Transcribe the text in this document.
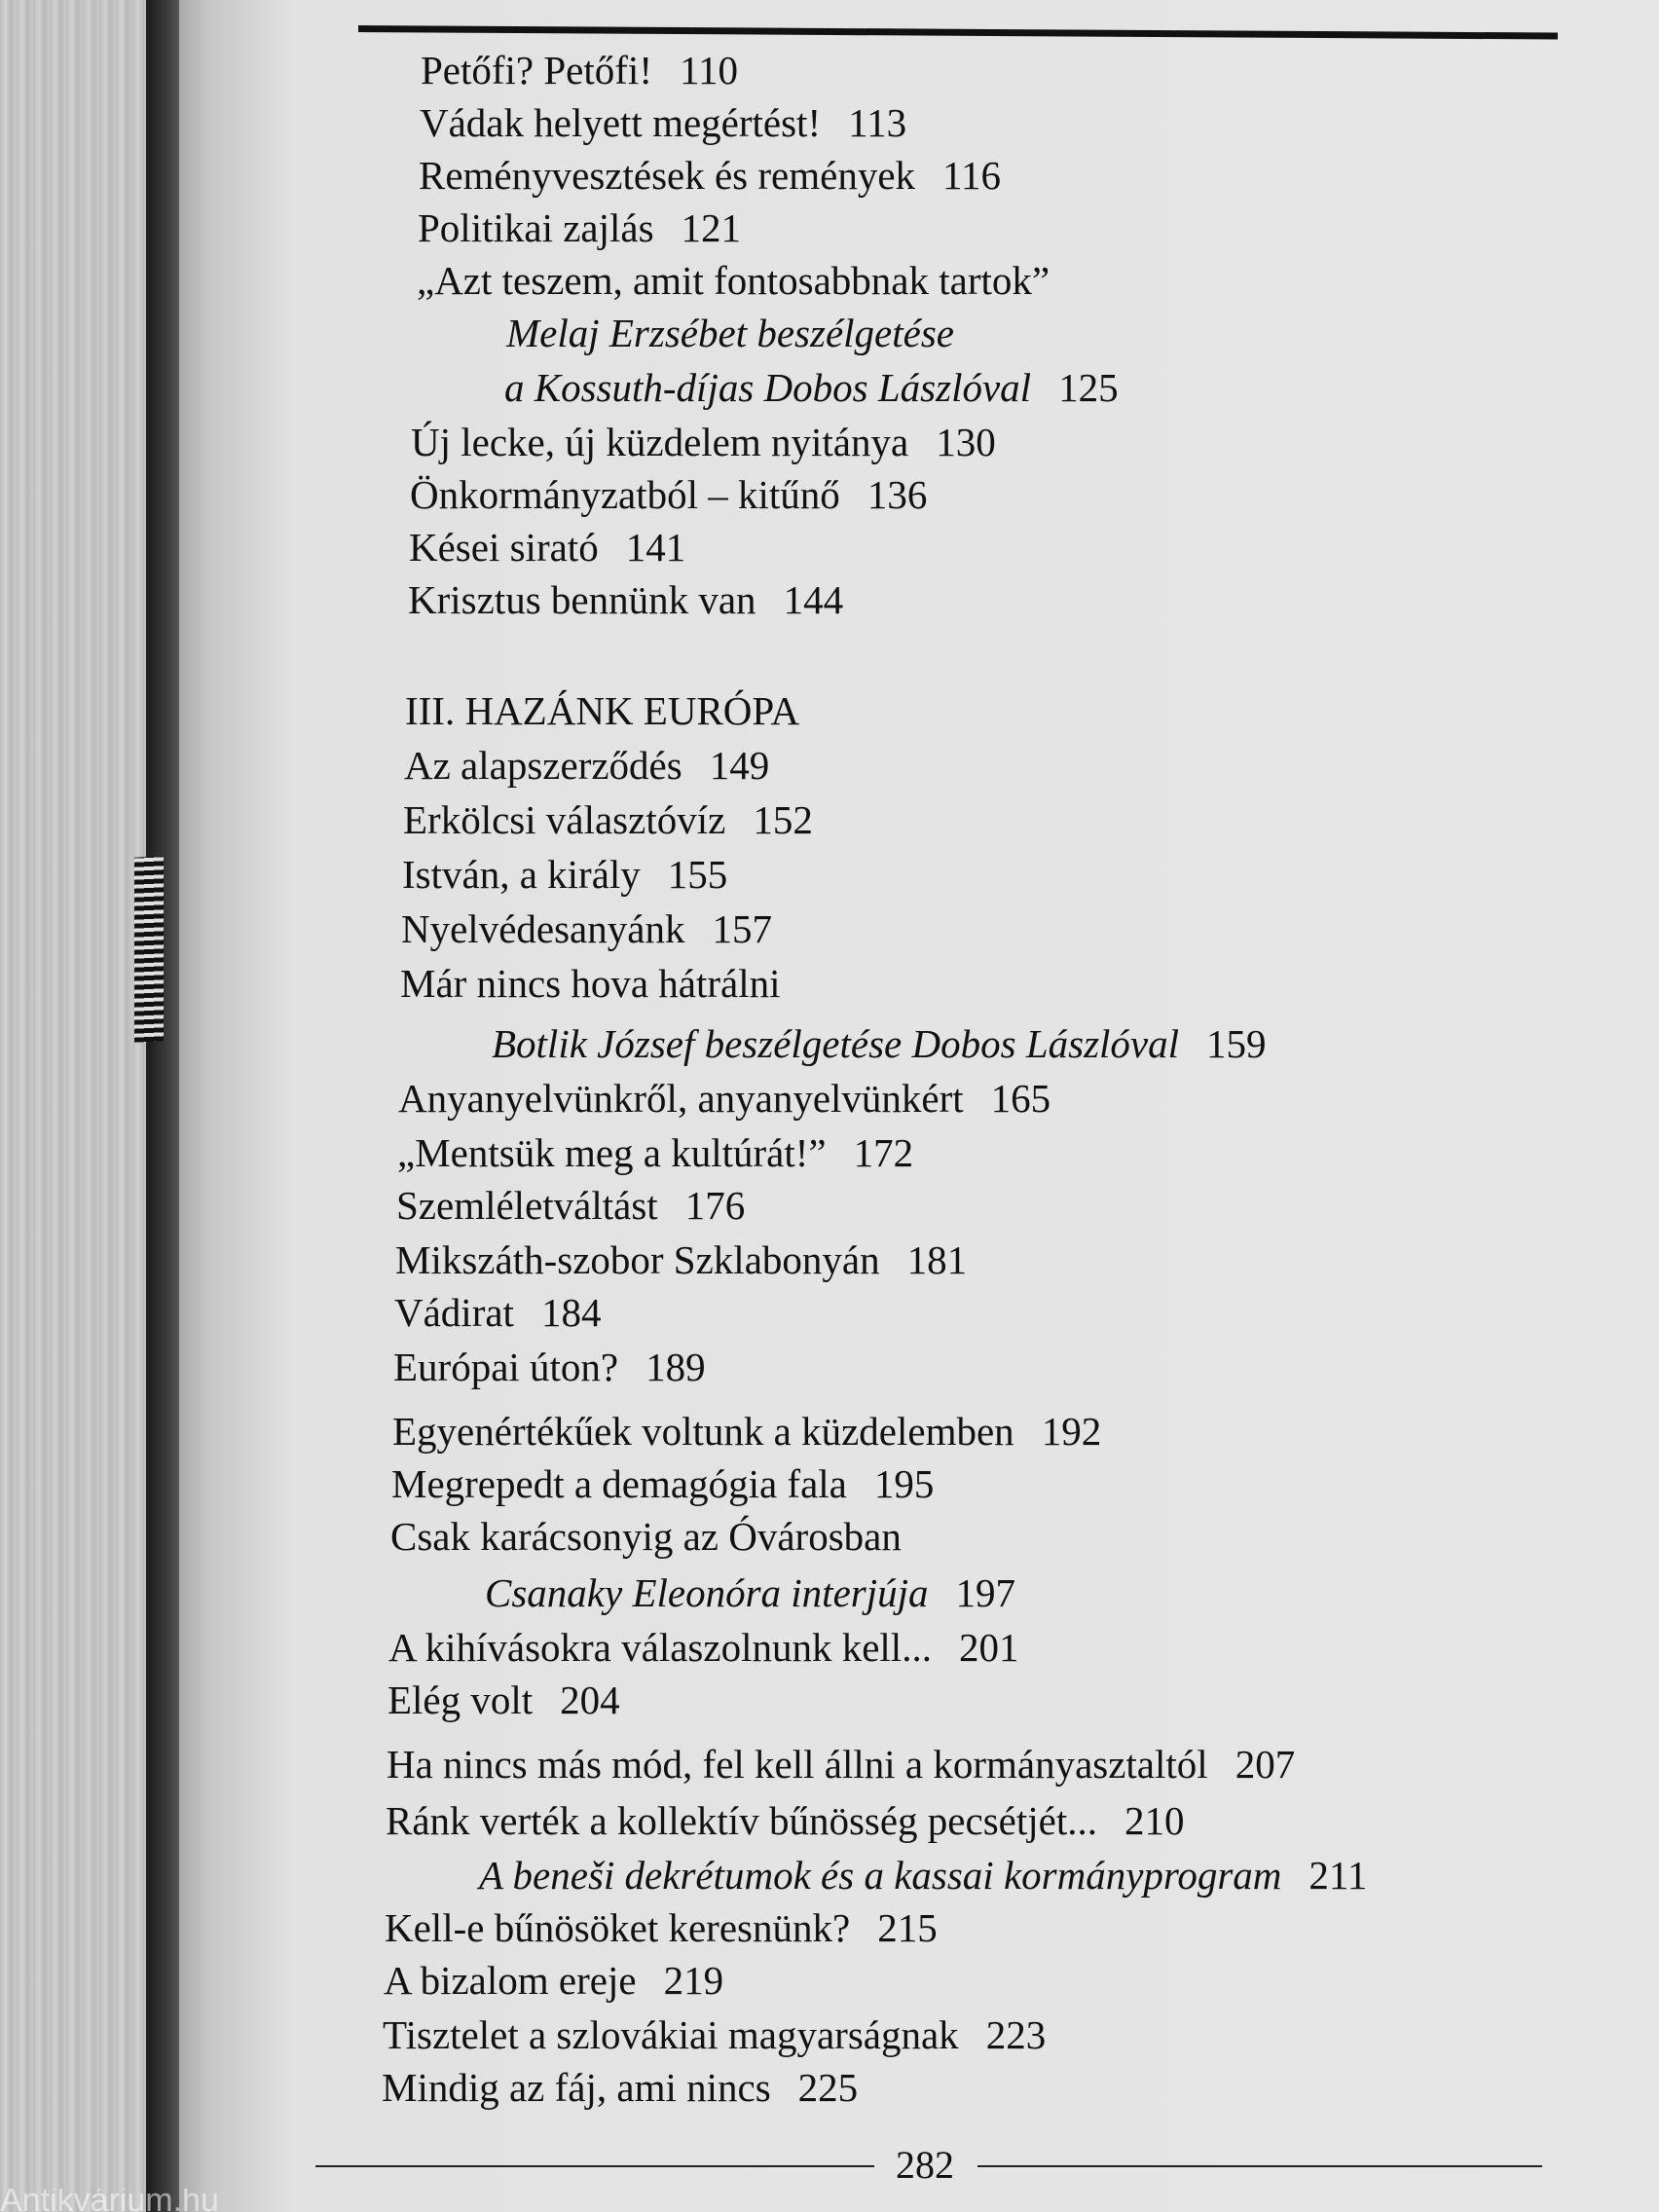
Petőfi? Petőfi! 110
Vádak helyett megértést! 113
Reményvesztések és remények 116
Politikai zajlás 121
„Azt teszem, amit fontosabbnak tartok”
Melaj Erzsébet beszélgetése
a Kossuth-díjas Dobos Lászlóval 125
Új lecke, új küzdelem nyitánya 130
Önkormányzatból – kitűnő 136
Kései sirató 141
Krisztus bennünk van 144
III. HAZÁNK EURÓPA
Az alapszerződés 149
Erkölcsi választóvíz 152
István, a király 155
Nyelvédesanyánk 157
Már nincs hova hátrálni
Botlik József beszélgetése Dobos Lászlóval 159
Anyanyelvünkről, anyanyelvünkért 165
„Mentsük meg a kultúrát!” 172
Szemléletváltást 176
Mikszáth-szobor Szklabonyán 181
Vádirat 184
Európai úton? 189
Egyenértékűek voltunk a küzdelemben 192
Megrepedt a demagógia fala 195
Csak karácsonyig az Óvárosban
Csanaky Eleonóra interjúja 197
A kihívásokra válaszolnunk kell... 201
Elég volt 204
Ha nincs más mód, fel kell állni a kormányasztaltól 207
Ránk verték a kollektív bűnösség pecsétjét... 210
A beneši dekrétumok és a kassai kormányprogram 211
Kell-e bűnösöket keresnünk? 215
A bizalom ereje 219
Tisztelet a szlovákiai magyarságnak 223
Mindig az fáj, ami nincs 225
282
Antikvárium.hu
